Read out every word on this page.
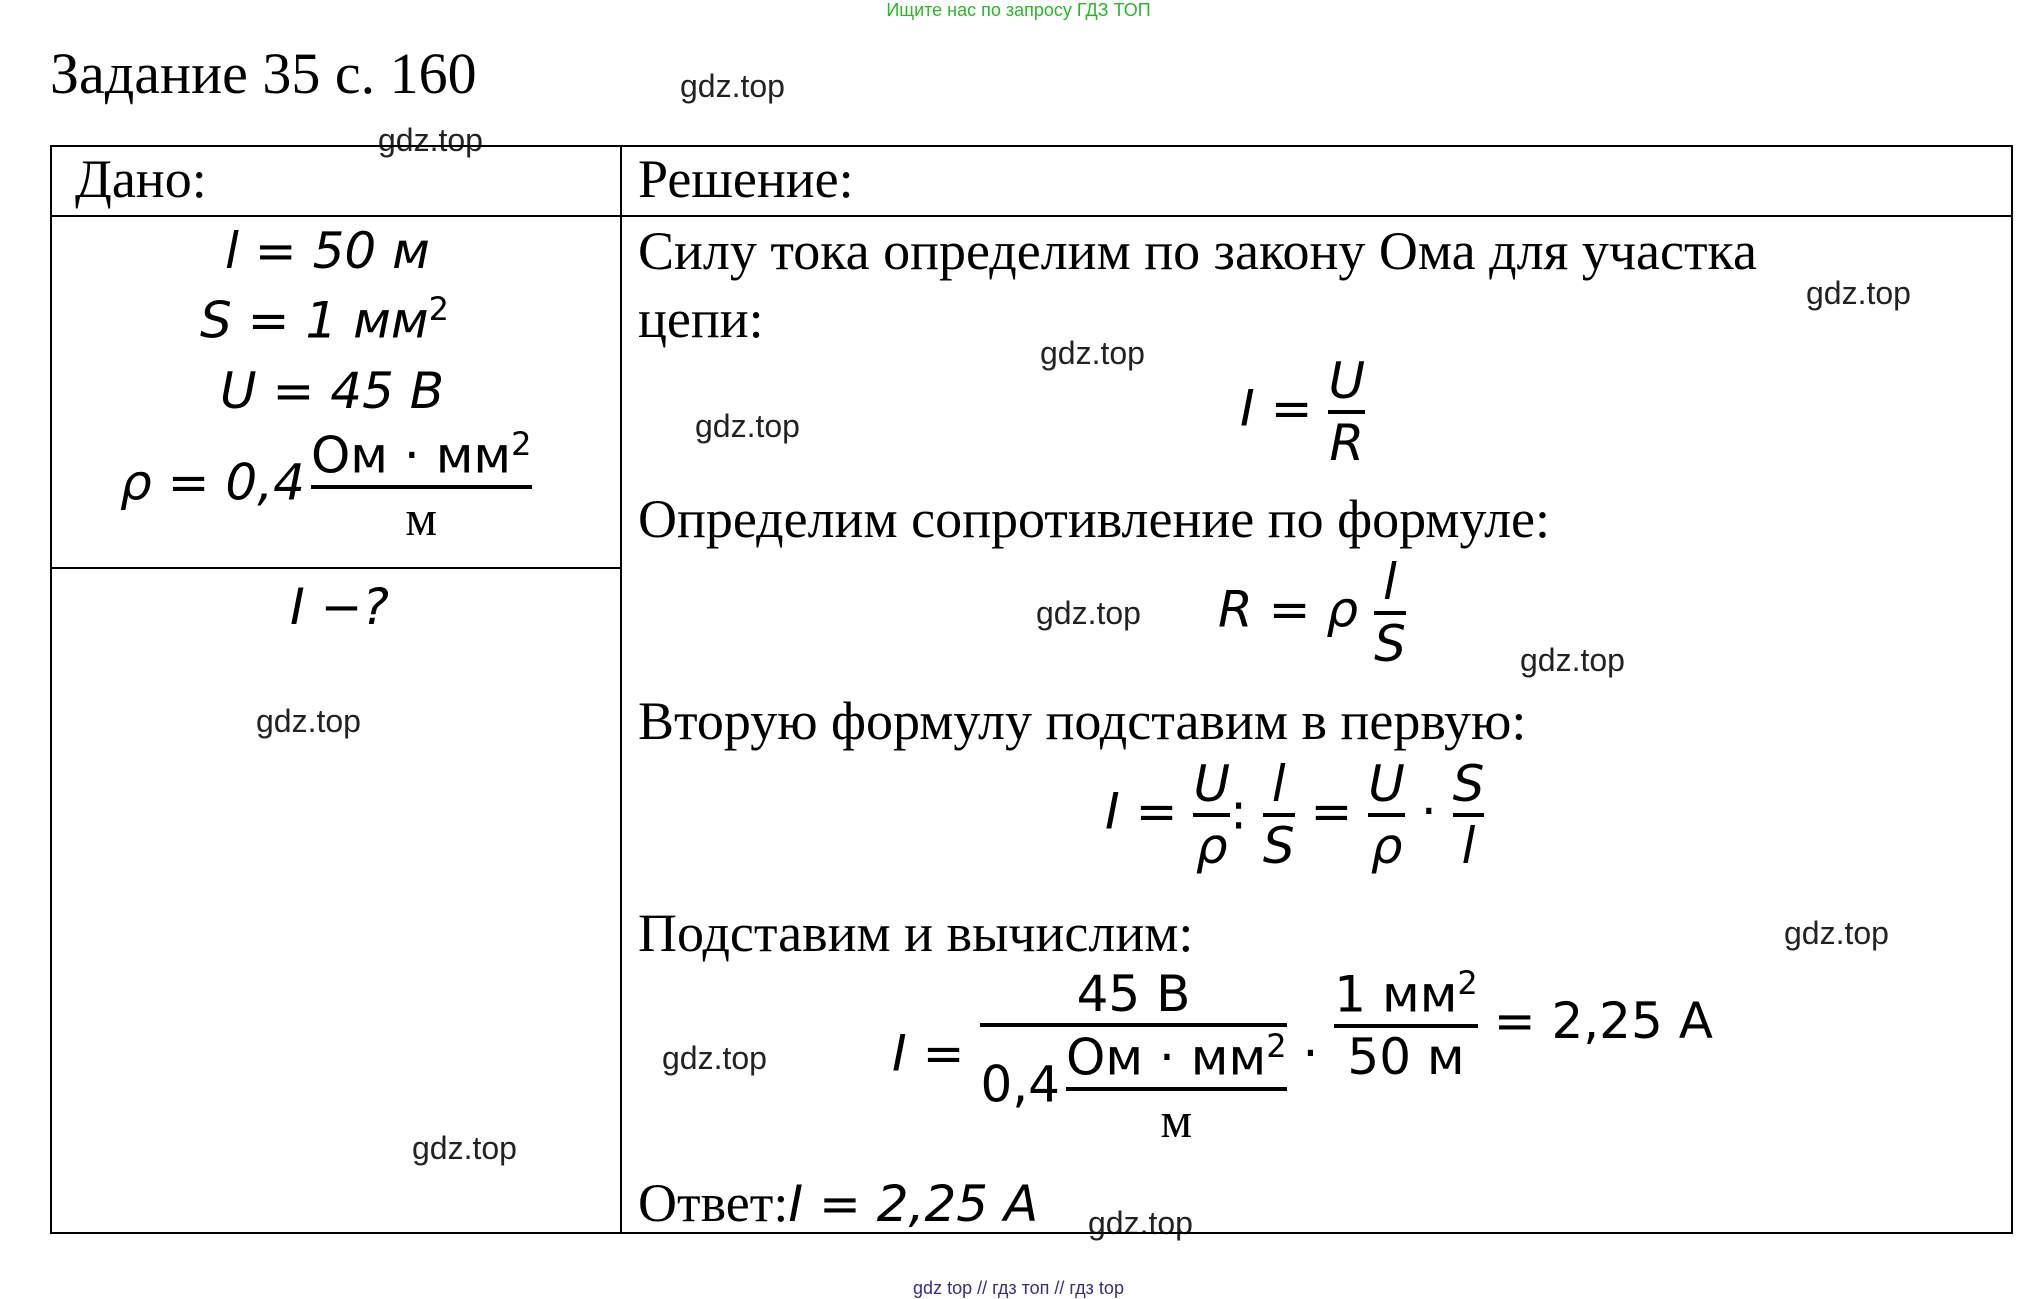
Ищите нас по запросу ГДЗ ТОП
Задание 35 с. 160	gdz.top
gdz.top
gdz.top
gdz.top
gdz.top
gdz.top
gdz.top
gdz.top
gdz.top
gdz.top
gdz.top
gdz.top
Дано:
l = 50 м
S = 1 $мм^2$
U = 45 В
$\rho = 0,4 \frac{Ом \cdot мм^2}{м}$
I −?
Решение:
Силу тока определим по закону Ома для участка
цепи:
$I = \frac{U}{R}$
Определим сопротивление по формуле:
R = ρ $\frac{l}{S}$
Вторую формулу подставим в первую:
$I = \frac{U}{\rho}$ : $\frac{l}{S} = \frac{U}{\rho} \cdot \frac{S}{l}$
Подставим и вычислим:
$I = \frac{45 В}{0,4 \frac{Ом \cdot мм^2}{м}} \cdot \frac{1 мм^2}{50 м} = 2,25$ А
Ответ:I = 2,25 А
gdz top // гдз топ // гдз top
